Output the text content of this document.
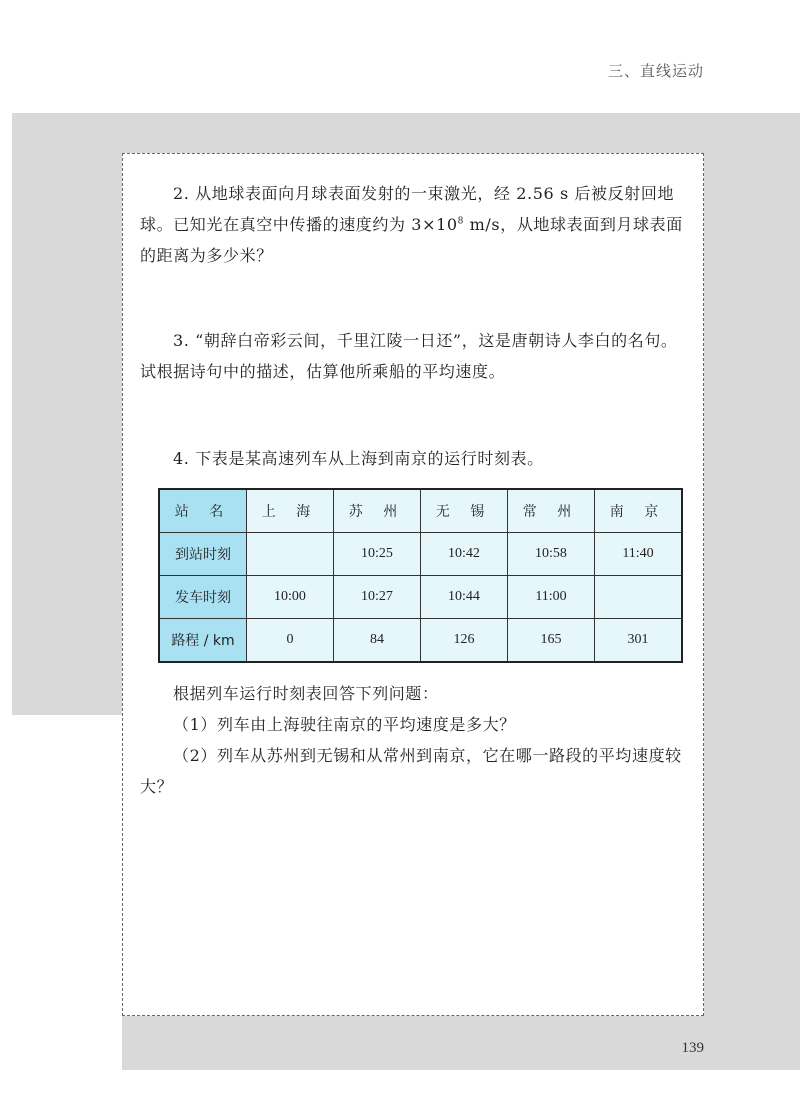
三、直线运动

2. 从地球表面向月球表面发射的一束激光，经 2.56 s 后被反射回地球。已知光在真空中传播的速度约为 $3\times 10^8$ m/s，从地球表面到月球表面的距离为多少米？

3. “朝辞白帝彩云间，千里江陵一日还”，这是唐朝诗人李白的名句。试根据诗句中的描述，估算他所乘船的平均速度。

4. 下表是某高速列车从上海到南京的运行时刻表。

站 名	上 海	苏 州	无 锡	常 州	南 京
到站时刻		10:25	10:42	10:58	11:40
发车时刻	10:00	10:27	10:44	11:00	
路程 / km	0	84	126	165	301

根据列车运行时刻表回答下列问题：

（1）列车由上海驶往南京的平均速度是多大？

（2）列车从苏州到无锡和从常州到南京，它在哪一路段的平均速度较大？

139
